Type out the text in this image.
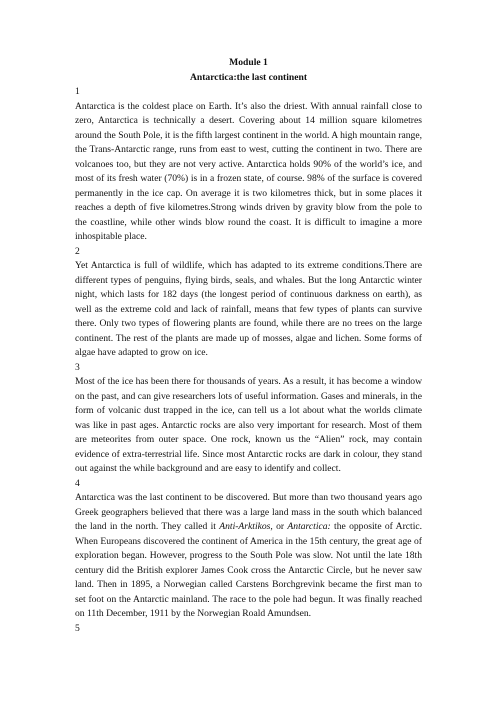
Module 1
Antarctica:the last continent
1

Antarctica is the coldest place on Earth. It’s also the driest. With annual rainfall close to zero, Antarctica is technically a desert. Covering about 14 million square kilometres around the South Pole, it is the fifth largest continent in the world. A high mountain range, the Trans-Antarctic range, runs from east to west, cutting the continent in two. There are volcanoes too, but they are not very active. Antarctica holds 90% of the world’s ice, and most of its fresh water (70%) is in a frozen state, of course. 98% of the surface is covered permanently in the ice cap. On average it is two kilometres thick, but in some places it reaches a depth of five kilometres.Strong winds driven by gravity blow from the pole to the coastline, while other winds blow round the coast. It is difficult to imagine a more inhospitable place.

2

Yet Antarctica is full of wildlife, which has adapted to its extreme conditions.There are different types of penguins, flying birds, seals, and whales. But the long Antarctic winter night, which lasts for 182 days (the longest period of continuous darkness on earth), as well as the extreme cold and lack of rainfall, means that few types of plants can survive there. Only two types of flowering plants are found, while there are no trees on the large continent. The rest of the plants are made up of mosses, algae and lichen. Some forms of algae have adapted to grow on ice.

3

Most of the ice has been there for thousands of years. As a result, it has become a window on the past, and can give researchers lots of useful information. Gases and minerals, in the form of volcanic dust trapped in the ice, can tell us a lot about what the worlds climate was like in past ages. Antarctic rocks are also very important for research. Most of them are meteorites from outer space. One rock, known us the “Alien” rock, may contain evidence of extra-terrestrial life. Since most Antarctic rocks are dark in colour, they stand out against the while background and are easy to identify and collect.

4

Antarctica was the last continent to be discovered. But more than two thousand years ago Greek geographers believed that there was a large land mass in the south which balanced the land in the north. They called it Anti-Arktikos, or Antarctica: the opposite of Arctic. When Europeans discovered the continent of America in the 15th century, the great age of exploration began. However, progress to the South Pole was slow. Not until the late 18th century did the British explorer James Cook cross the Antarctic Circle, but he never saw land. Then in 1895, a Norwegian called Carstens Borchgrevink became the first man to set foot on the Antarctic mainland. The race to the pole had begun. It was finally reached on 11th December, 1911 by the Norwegian Roald Amundsen.

5
